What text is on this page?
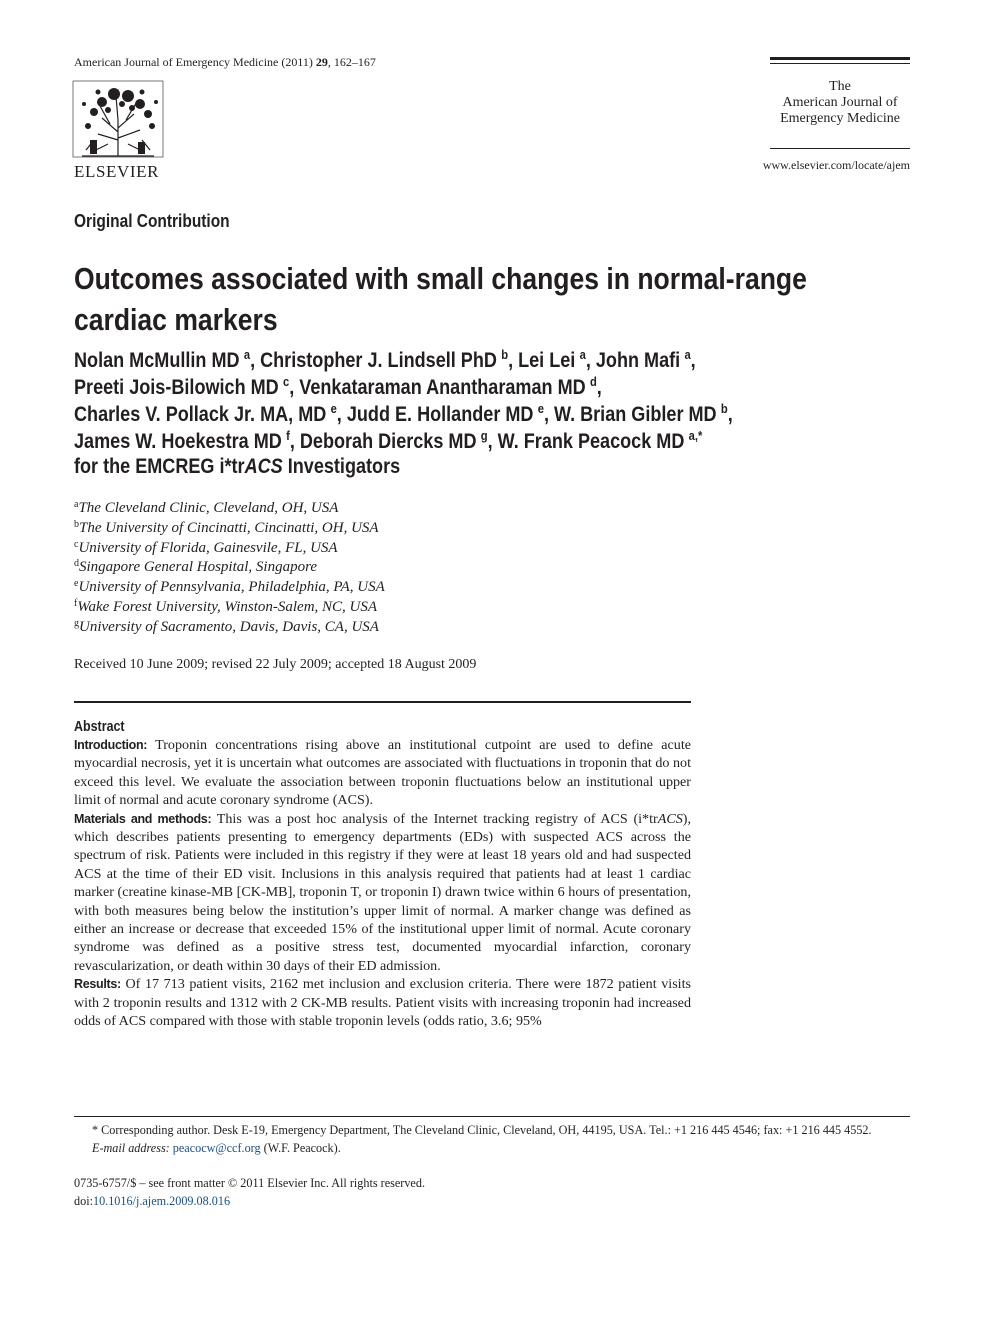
American Journal of Emergency Medicine (2011) 29, 162–167
ELSEVIER
The
American Journal of
Emergency Medicine
www.elsevier.com/locate/ajem
Original Contribution
Outcomes associated with small changes in normal-range
cardiac markers
Nolan McMullin MD $^a$, Christopher J. Lindsell PhD $^b$, Lei Lei $^a$, John Mafi $^a$,
Preeti Jois-Bilowich MD $^c$, Venkataraman Anantharaman MD $^d$,
Charles V. Pollack Jr. MA, MD $^e$, Judd E. Hollander MD $^e$, W. Brian Gibler MD $^b$,
James W. Hoekestra MD $^f$, Deborah Diercks MD $^g$, W. Frank Peacock MD $^{a,*}$
for the EMCREG i*trACS Investigators
$^a$The Cleveland Clinic, Cleveland, OH, USA
$^b$The University of Cincinatti, Cincinatti, OH, USA
$^c$University of Florida, Gainesvile, FL, USA
$^d$Singapore General Hospital, Singapore
$^e$University of Pennsylvania, Philadelphia, PA, USA
$^f$Wake Forest University, Winston-Salem, NC, USA
$^g$University of Sacramento, Davis, Davis, CA, USA
Received 10 June 2009; revised 22 July 2009; accepted 18 August 2009
Abstract

Introduction: Troponin concentrations rising above an institutional cutpoint are used to define acute myocardial necrosis, yet it is uncertain what outcomes are associated with fluctuations in troponin that do not exceed this level. We evaluate the association between troponin fluctuations below an institutional upper limit of normal and acute coronary syndrome (ACS).

Materials and methods: This was a post hoc analysis of the Internet tracking registry of ACS (i*trACS), which describes patients presenting to emergency departments (EDs) with suspected ACS across the spectrum of risk. Patients were included in this registry if they were at least 18 years old and had suspected ACS at the time of their ED visit. Inclusions in this analysis required that patients had at least 1 cardiac marker (creatine kinase-MB [CK-MB], troponin T, or troponin I) drawn twice within 6 hours of presentation, with both measures being below the institution’s upper limit of normal. A marker change was defined as either an increase or decrease that exceeded 15% of the institutional upper limit of normal. Acute coronary syndrome was defined as a positive stress test, documented myocardial infarction, coronary revascularization, or death within 30 days of their ED admission.

Results: Of 17 713 patient visits, 2162 met inclusion and exclusion criteria. There were 1872 patient visits with 2 troponin results and 1312 with 2 CK-MB results. Patient visits with increasing troponin had increased odds of ACS compared with those with stable troponin levels (odds ratio, 3.6; 95%

* Corresponding author. Desk E-19, Emergency Department, The Cleveland Clinic, Cleveland, OH, 44195, USA. Tel.: +1 216 445 4546; fax: +1 216 445 4552.
E-mail address: peacocw@ccf.org (W.F. Peacock).
0735-6757/$ – see front matter © 2011 Elsevier Inc. All rights reserved.
doi:10.1016/j.ajem.2009.08.016
